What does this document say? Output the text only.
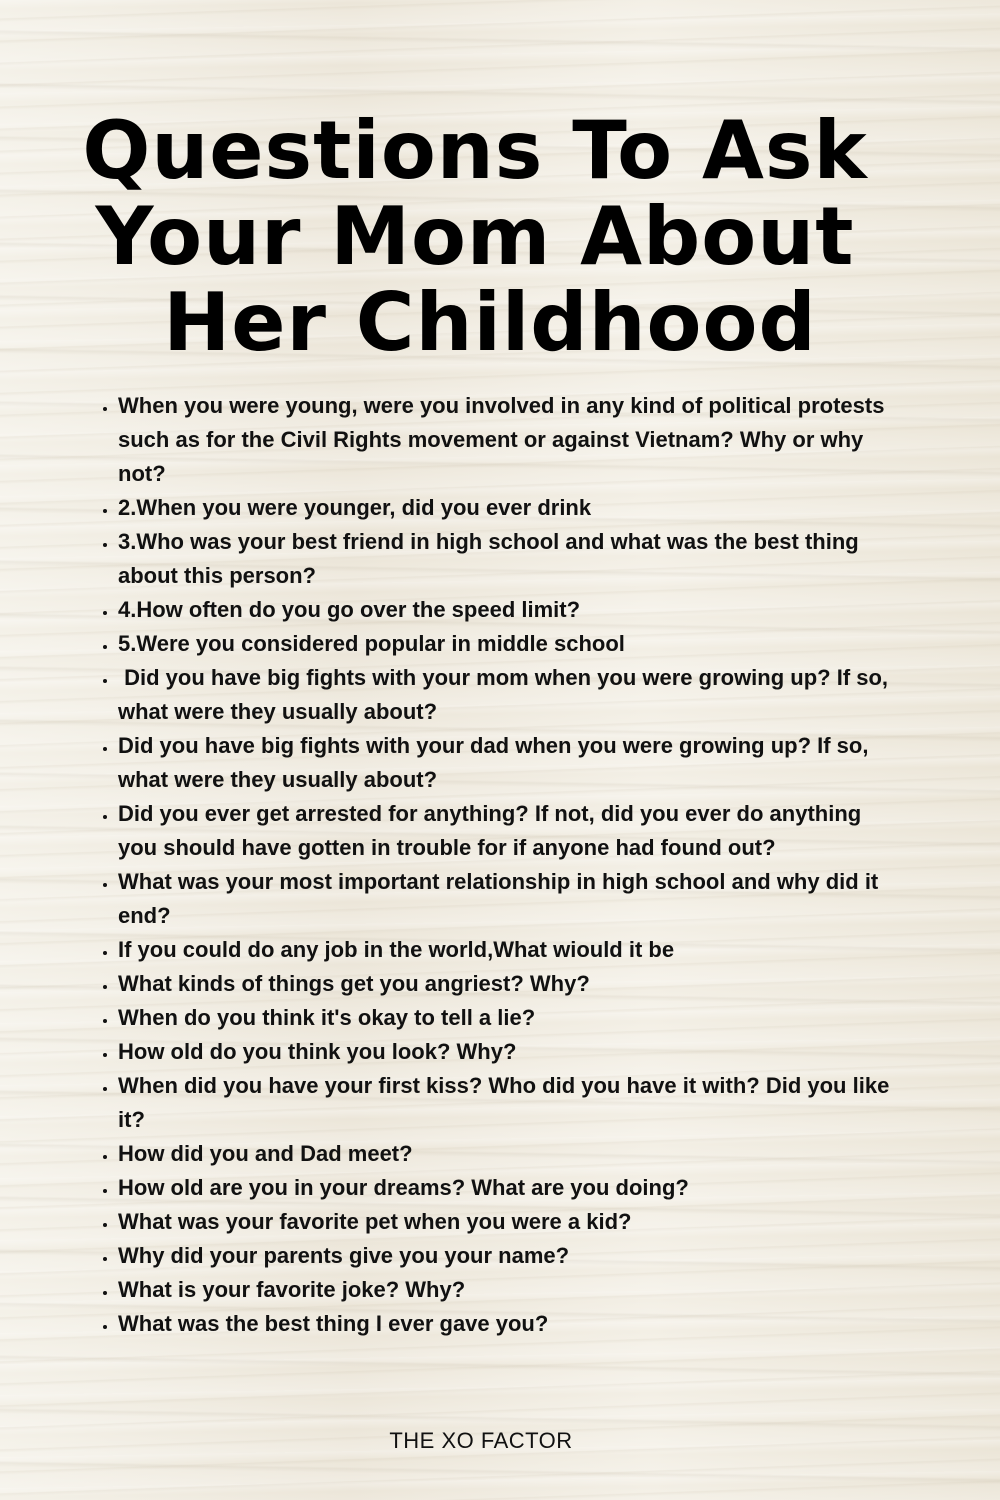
Questions To Ask
Your Mom About
Her Childhood
• When you were young, were you involved in any kind of political protests such as for the Civil Rights movement or against Vietnam? Why or why not?
• 2.When you were younger, did you ever drink
• 3.Who was your best friend in high school and what was the best thing about this person?
• 4.How often do you go over the speed limit?
• 5.Were you considered popular in middle school
•  Did you have big fights with your mom when you were growing up? If so, what were they usually about?
• Did you have big fights with your dad when you were growing up? If so, what were they usually about?
• Did you ever get arrested for anything? If not, did you ever do anything you should have gotten in trouble for if anyone had found out?
• What was your most important relationship in high school and why did it end?
• If you could do any job in the world,What wiould it be
• What kinds of things get you angriest? Why?
• When do you think it's okay to tell a lie?
• How old do you think you look? Why?
• When did you have your first kiss? Who did you have it with? Did you like it?
• How did you and Dad meet?
• How old are you in your dreams? What are you doing?
• What was your favorite pet when you were a kid?
• Why did your parents give you your name?
• What is your favorite joke? Why?
• What was the best thing I ever gave you?
THE XO FACTOR
